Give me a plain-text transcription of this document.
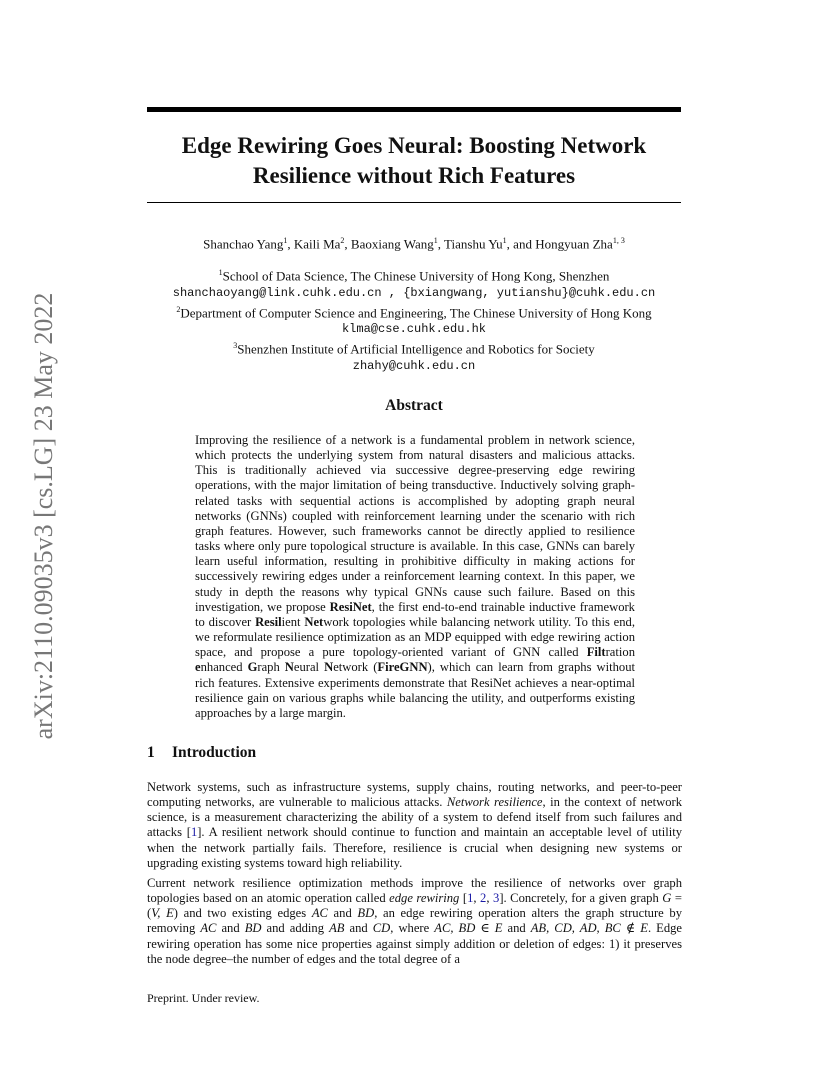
arXiv:2110.09035v3 [cs.LG] 23 May 2022
Edge Rewiring Goes Neural: Boosting Network
Resilience without Rich Features
Shanchao Yang$^1$, Kaili Ma$^2$, Baoxiang Wang$^1$, Tianshu Yu$^1$, and Hongyuan Zha$^{1, 3}$
$^1$School of Data Science, The Chinese University of Hong Kong, Shenzhen
shanchaoyang@link.cuhk.edu.cn , {bxiangwang, yutianshu}@cuhk.edu.cn
$^2$Department of Computer Science and Engineering, The Chinese University of Hong Kong
klma@cse.cuhk.edu.hk
$^3$Shenzhen Institute of Artificial Intelligence and Robotics for Society
zhahy@cuhk.edu.cn
Abstract

Improving the resilience of a network is a fundamental problem in network science, which protects the underlying system from natural disasters and malicious attacks. This is traditionally achieved via successive degree-preserving edge rewiring operations, with the major limitation of being transductive. Inductively solving graph-related tasks with sequential actions is accomplished by adopting graph neural networks (GNNs) coupled with reinforcement learning under the scenario with rich graph features. However, such frameworks cannot be directly applied to resilience tasks where only pure topological structure is available. In this case, GNNs can barely learn useful information, resulting in prohibitive difficulty in making actions for successively rewiring edges under a reinforcement learning context. In this paper, we study in depth the reasons why typical GNNs cause such failure. Based on this investigation, we propose ResiNet, the first end-to-end trainable inductive framework to discover Resilient Network topologies while balancing network utility. To this end, we reformulate resilience optimization as an MDP equipped with edge rewiring action space, and propose a pure topology-oriented variant of GNN called Filtration enhanced Graph Neural Network (FireGNN), which can learn from graphs without rich features. Extensive experiments demonstrate that ResiNet achieves a near-optimal resilience gain on various graphs while balancing the utility, and outperforms existing approaches by a large margin.

1 Introduction

Network systems, such as infrastructure systems, supply chains, routing networks, and peer-to-peer computing networks, are vulnerable to malicious attacks. Network resilience, in the context of network science, is a measurement characterizing the ability of a system to defend itself from such failures and attacks [1]. A resilient network should continue to function and maintain an acceptable level of utility when the network partially fails. Therefore, resilience is crucial when designing new systems or upgrading existing systems toward high reliability.

Current network resilience optimization methods improve the resilience of networks over graph topologies based on an atomic operation called edge rewiring [1, 2, 3]. Concretely, for a given graph G = (V, E) and two existing edges AC and BD, an edge rewiring operation alters the graph structure by removing AC and BD and adding AB and CD, where AC, BD ∈ E and AB, CD, AD, BC ∉ E. Edge rewiring operation has some nice properties against simply addition or deletion of edges: 1) it preserves the node degree–the number of edges and the total degree of a

Preprint. Under review.
